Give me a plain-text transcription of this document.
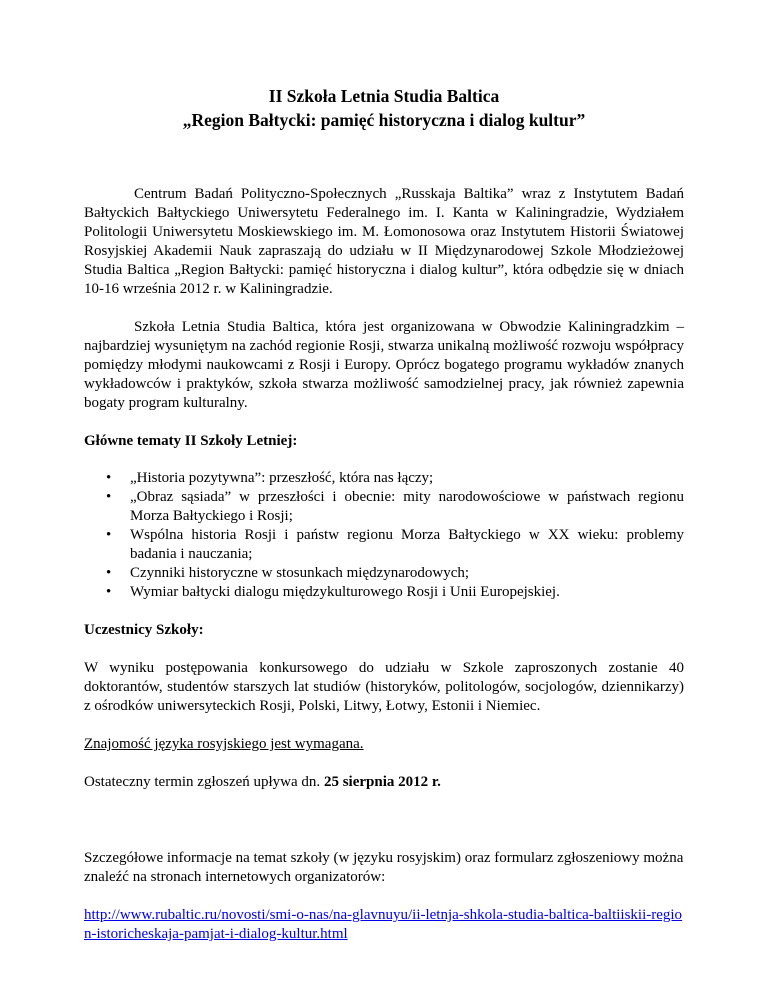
II Szkoła Letnia Studia Baltica
„Region Bałtycki: pamięć historyczna i dialog kultur”

Centrum Badań Polityczno-Społecznych „Russkaja Baltika” wraz z Instytutem Badań Bałtyckich Bałtyckiego Uniwersytetu Federalnego im. I. Kanta w Kaliningradzie, Wydziałem Politologii Uniwersytetu Moskiewskiego im. M. Łomonosowa oraz Instytutem Historii Światowej Rosyjskiej Akademii Nauk zapraszają do udziału w II Międzynarodowej Szkole Młodzieżowej Studia Baltica „Region Bałtycki: pamięć historyczna i dialog kultur”, która odbędzie się w dniach 10-16 września 2012 r. w Kaliningradzie.

Szkoła Letnia Studia Baltica, która jest organizowana w Obwodzie Kaliningradzkim – najbardziej wysuniętym na zachód regionie Rosji, stwarza unikalną możliwość rozwoju współpracy pomiędzy młodymi naukowcami z Rosji i Europy. Oprócz bogatego programu wykładów znanych wykładowców i praktyków, szkoła stwarza możliwość samodzielnej pracy, jak również zapewnia bogaty program kulturalny.

Główne tematy II Szkoły Letniej:

• „Historia pozytywna”: przeszłość, która nas łączy;
• „Obraz sąsiada” w przeszłości i obecnie: mity narodowościowe w państwach regionu Morza Bałtyckiego i Rosji;
• Wspólna historia Rosji i państw regionu Morza Bałtyckiego w XX wieku: problemy badania i nauczania;
• Czynniki historyczne w stosunkach międzynarodowych;
• Wymiar bałtycki dialogu międzykulturowego Rosji i Unii Europejskiej.

Uczestnicy Szkoły:

W wyniku postępowania konkursowego do udziału w Szkole zaproszonych zostanie 40 doktorantów, studentów starszych lat studiów (historyków, politologów, socjologów, dziennikarzy) z ośrodków uniwersyteckich Rosji, Polski, Litwy, Łotwy, Estonii i Niemiec.

Znajomość języka rosyjskiego jest wymagana.

Ostateczny termin zgłoszeń upływa dn. 25 sierpnia 2012 r.

Szczegółowe informacje na temat szkoły (w języku rosyjskim) oraz formularz zgłoszeniowy można znaleźć na stronach internetowych organizatorów:

http://www.rubaltic.ru/novosti/smi-o-nas/na-glavnuyu/ii-letnja-shkola-studia-baltica-baltiiskii-region-istoricheskaja-pamjat-i-dialog-kultur.html
